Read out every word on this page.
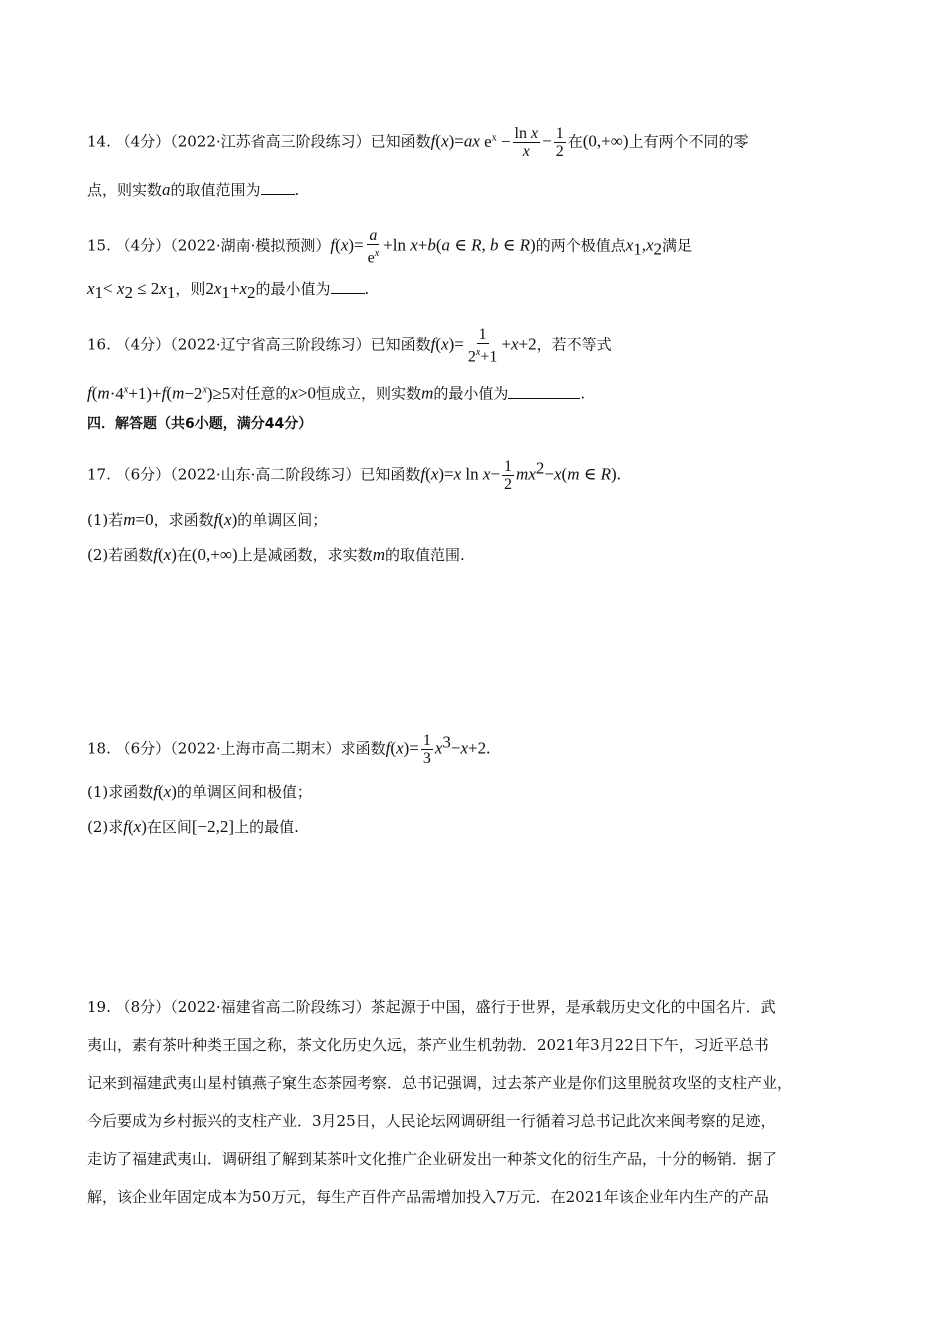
14. （4分）（2022·江苏省高三阶段练习）已知函数f(x)=ax $e^x - \frac{\text{ln x}}{x} - \frac{1}{2}$ 在(0,+∞)上有两个不同的零
点，则实数a的取值范围为 .
15. （4分）（2022·湖南·模拟预测）$f(x)= \frac{a}{e^x} +\ln$ x+b(a ∈ R, b ∈ R)的两个极值点$x_1,x_2$满足
$x_1< x_2 \le 2x_1$，则$2x_1+x_2$的最小值为 .
16. （4分）（2022·辽宁省高三阶段练习）已知函数$f(x)= \frac{1}{2^x+1} +x+2$，若不等式
$f(m\cdot 4^x+1)+f(m-2^x)\ge 5$对任意的x>0恒成立，则实数m的最小值为	.
四．解答题（共6小题，满分44分）
17. （6分）（2022·山东·高二阶段练习）已知函数f(x)=x $\ln x- \frac{1}{2} mx^2-x(m$ ∈ R).
(1)若m=0，求函数f(x)的单调区间；
(2)若函数f(x)在(0,+∞)上是减函数，求实数m的取值范围.
18. （6分）（2022·上海市高二期末）求函数$f(x)= \frac{1}{3} x^3-x+2$.
(1)求函数f(x)的单调区间和极值；
(2)求f(x)在区间[−2,2]上的最值.
19. （8分）（2022·福建省高二阶段练习）茶起源于中国，盛行于世界，是承载历史文化的中国名片．武
夷山，素有茶叶种类王国之称，茶文化历史久远，茶产业生机勃勃．2021年3月22日下午，习近平总书
记来到福建武夷山星村镇燕子窠生态茶园考察．总书记强调，过去茶产业是你们这里脱贫攻坚的支柱产业，
今后要成为乡村振兴的支柱产业．3月25日，人民论坛网调研组一行循着习总书记此次来闽考察的足迹，
走访了福建武夷山．调研组了解到某茶叶文化推广企业研发出一种茶文化的衍生产品，十分的畅销．据了
解，该企业年固定成本为50万元，每生产百件产品需增加投入7万元．在2021年该企业年内生产的产品
